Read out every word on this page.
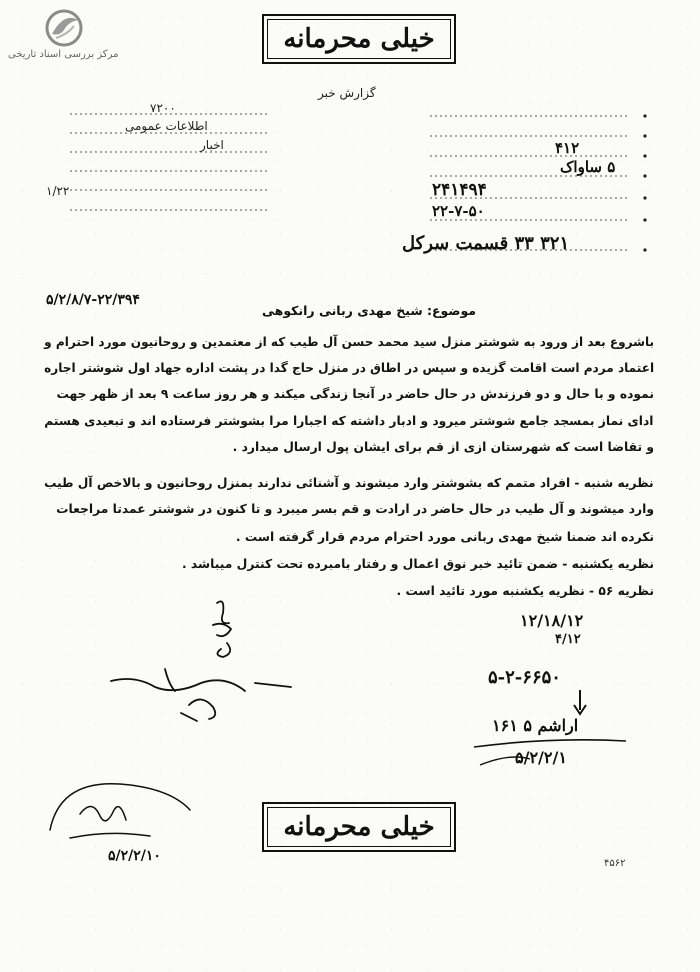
مرکز بررسی اسناد تاریخی
خیلی محرمانه
گزارش خبر
۷۲۰۰
اطلاعات عمومی
اخبار
۱/۲۲
۴۱۲
۵ ساواک
۲۴۱۴۹۴
۲۲-۷-۵۰
۳۲۱ ۳۳ قسمت سرکل
۵/۲/۸/۷-۲۲/۳۹۴
موضوع: شیخ مهدی ربانی رانکوهی
باشروع بعد از ورود به شوشتر منزل سید محمد حسن آل طیب که از معتمدین و روحانیون مورد احترام و
اعتماد مردم است اقامت گزیده و سپس در اطاق در منزل حاج گدا در پشت اداره جهاد اول شوشتر اجاره
نموده و با حال و دو فرزندش در حال حاضر در آنجا زندگی میکند و هر روز ساعت ۹ بعد از ظهر جهت
ادای نماز بمسجد جامع شوشتر میرود و ادبار داشته که اجبارا مرا بشوشتر فرستاده اند و تبعیدی هستم
و تقاضا است که شهرستان ازی از قم برای ایشان پول ارسال میدارد .
نظریه شنبه - افراد متمم که بشوشتر وارد میشوند و آشنائی ندارند بمنزل روحانیون و بالاخص آل طیب
وارد میشوند و آل طیب در حال حاضر در ارادت و قم بسر میبرد و تا کنون در شوشتر عمدتا مراجعات
نکرده اند ضمنا شیخ مهدی ربانی مورد احترام مردم قرار گرفته است .
نظریه یکشنبه - ضمن تائید خبر نوق اعمال و رفتار بامبرده تحت کنترل میباشد .
نظریه ۵۶ - نظریه یکشنبه مورد تائید است .
۱۲/۱۸/۱۲
۴/۱۲
۵-۲-۶۶۵۰
اراشم ۵ ۱۶۱
۵/۲/۲/۱
۵/۲/۲/۱۰
خیلی محرمانه
۴۵۶۲
